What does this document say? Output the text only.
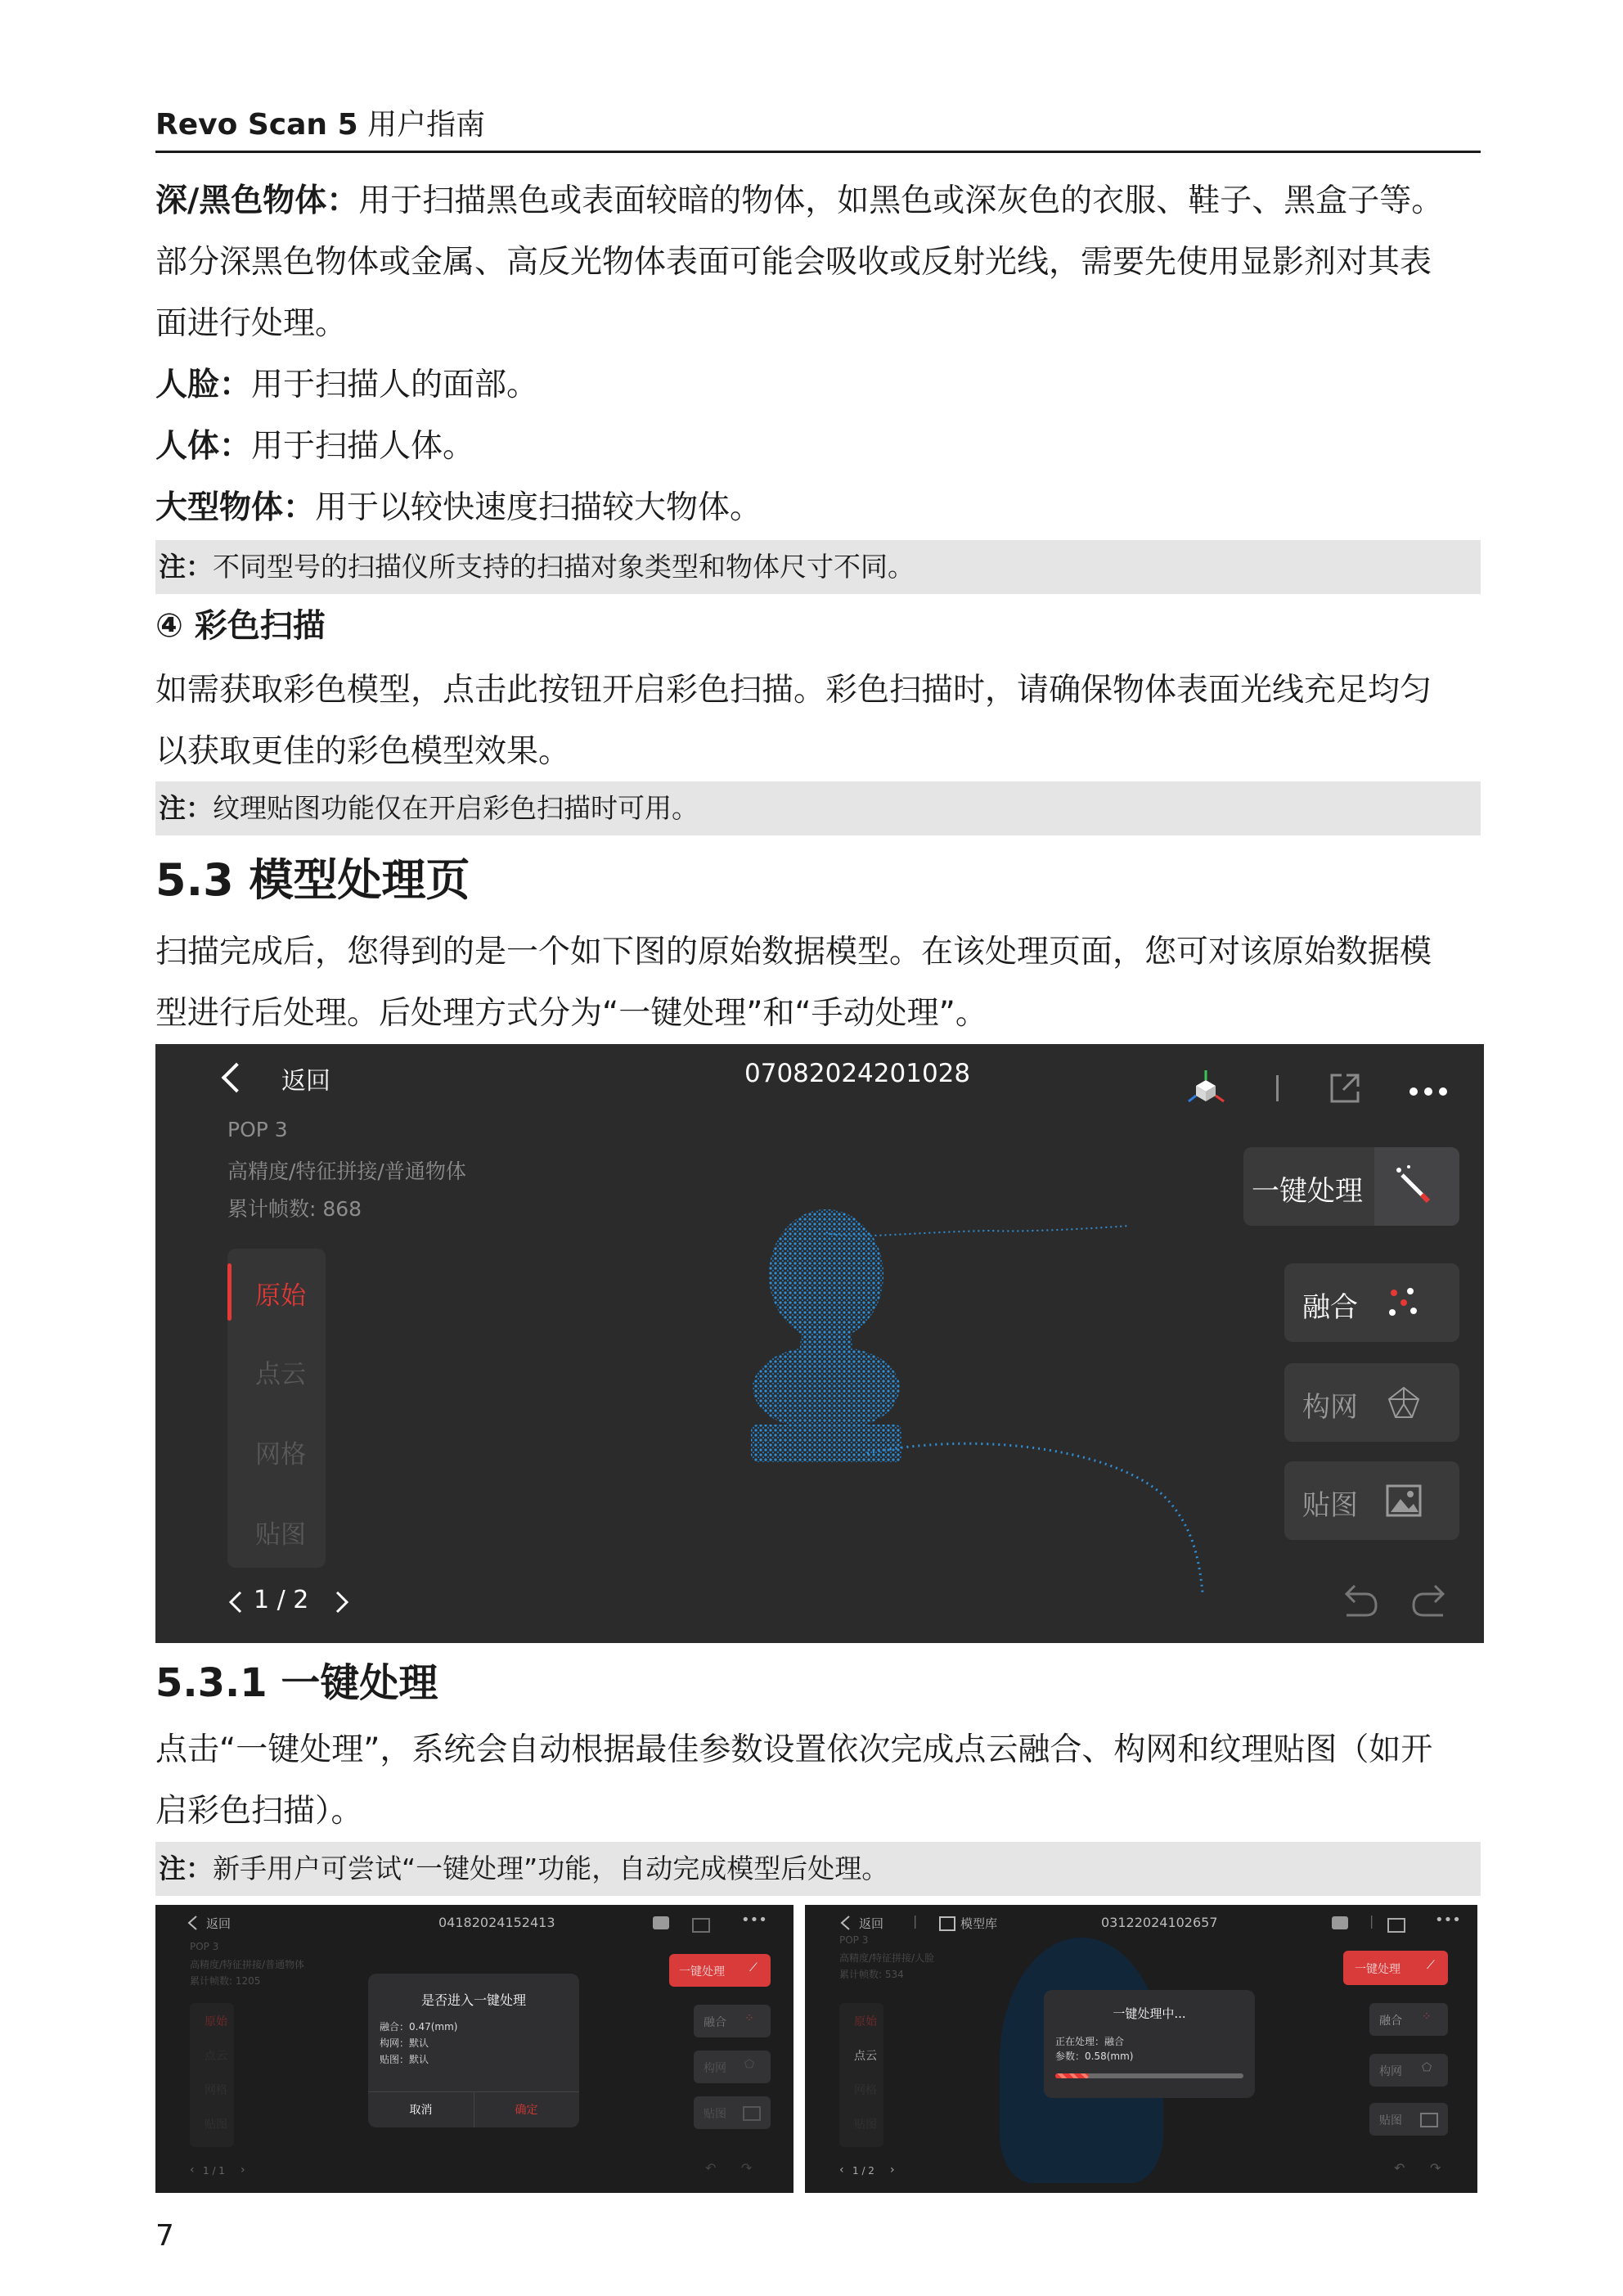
Revo Scan 5 用户指南

深/黑色物体：用于扫描黑色或表面较暗的物体，如黑色或深灰色的衣服、鞋子、黑盒子等。

部分深黑色物体或金属、高反光物体表面可能会吸收或反射光线，需要先使用显影剂对其表

面进行处理。

人脸：用于扫描人的面部。

人体：用于扫描人体。

大型物体：用于以较快速度扫描较大物体。

注：不同型号的扫描仪所支持的扫描对象类型和物体尺寸不同。
④ 彩色扫描

如需获取彩色模型，点击此按钮开启彩色扫描。彩色扫描时，请确保物体表面光线充足均匀

以获取更佳的彩色模型效果。

注：纹理贴图功能仅在开启彩色扫描时可用。
5.3 模型处理页

扫描完成后，您得到的是一个如下图的原始数据模型。在该处理页面，您可对该原始数据模

型进行后处理。后处理方式分为“一键处理”和“手动处理”。

返回	07082024201028
POP 3
高精度/特征拼接/普通物体
累计帧数: 868
原始
点云
网格
贴图
一键处理
融合
构网
贴图
1 / 2
5.3.1 一键处理

点击“一键处理”，系统会自动根据最佳参数设置依次完成点云融合、构网和纹理贴图（如开

启彩色扫描）。

注：新手用户可尝试“一键处理”功能，自动完成模型后处理。
返回	04182024152413	•••
POP 3
高精度/特征拼接/普通物体
累计帧数: 1205
原始
点云
网格
贴图
一键处理 ⟋
融合 ⁘
构网 ⬠
贴图
‹ 1 / 1 ›	↶ ↷
是否进入一键处理
融合：0.47(mm)
构网：默认
贴图：默认
取消	确定
返回 |	模型库	03122024102657	|	•••
POP 3
高精度/特征拼接/人脸
累计帧数: 534
原始
点云
网格
贴图
一键处理 ⟋
融合 ⁘
构网 ⬠
贴图
‹ 1 / 2 ›	↶ ↷
一键处理中...
正在处理：融合
参数：0.58(mm)
7
